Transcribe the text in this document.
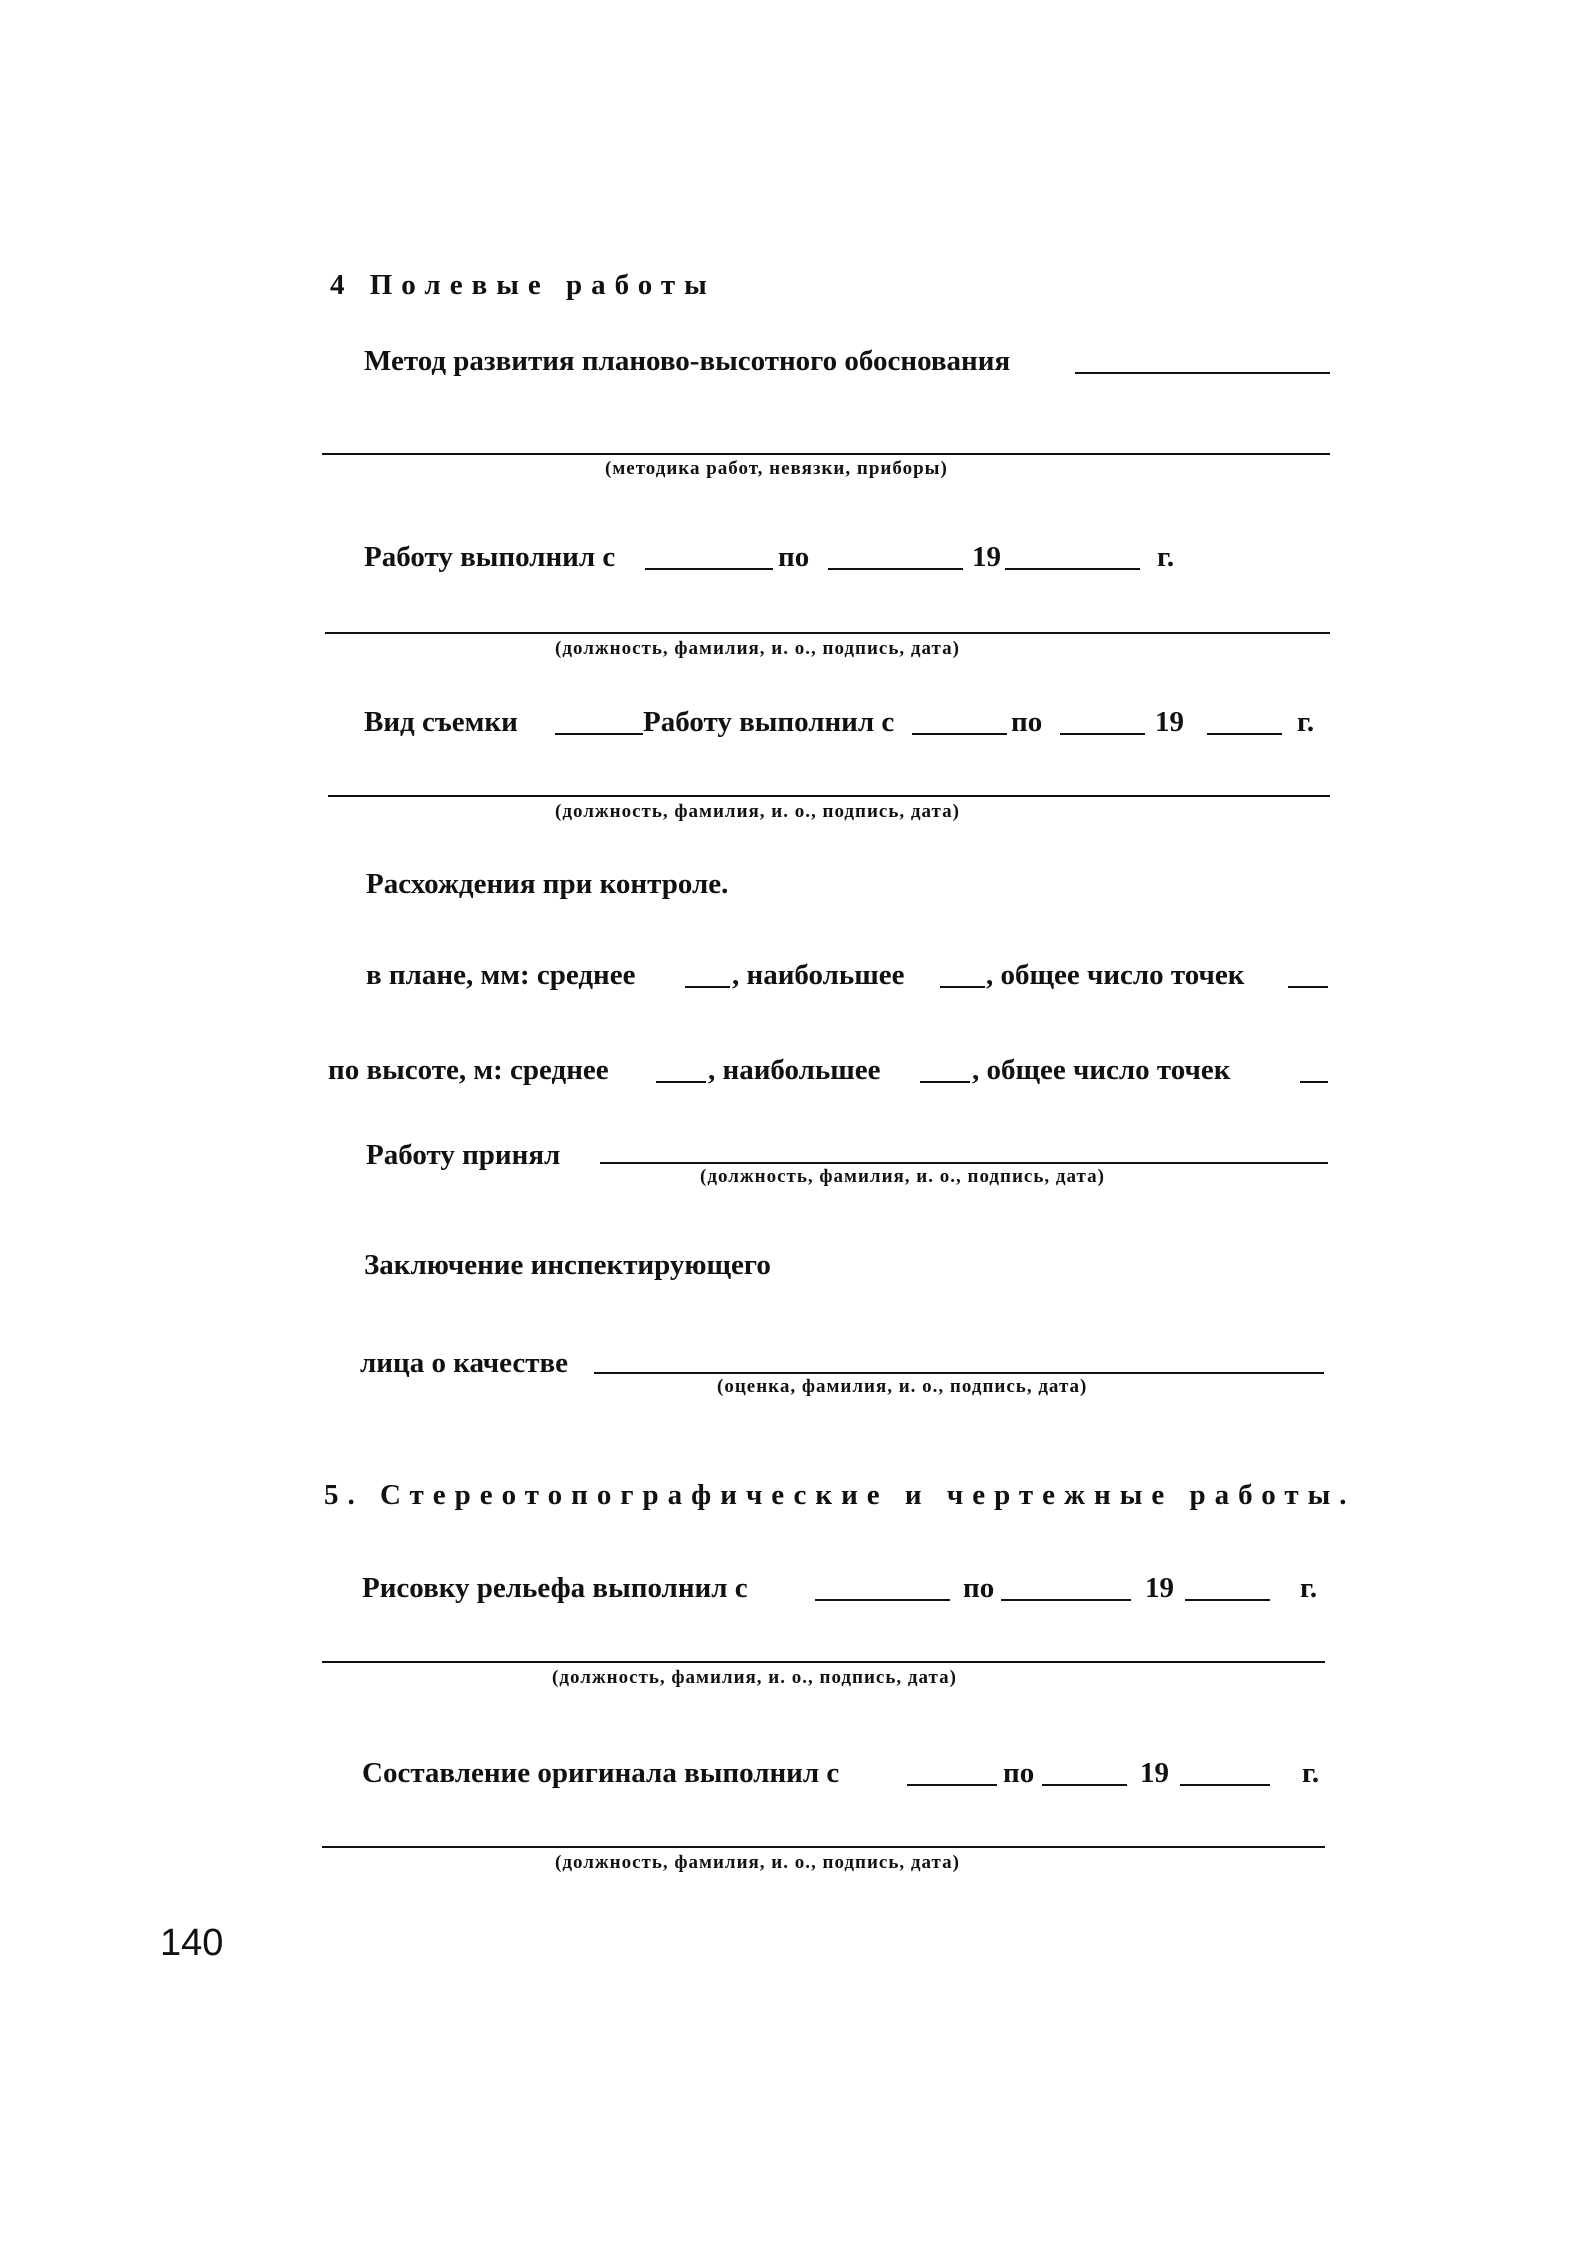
4 Полевые работы
Метод развития планово-высотного обоснования
(методика работ, невязки, приборы)
Работу выполнил с	по	19	г.
(должность, фамилия, и. о., подпись, дата)
Вид съемки	Работу выполнил с	по	19	г.
(должность, фамилия, и. о., подпись, дата)
Расхождения при контроле.
в плане, мм: среднее	, наибольшее	, общее число точек
по высоте, м: среднее	, наибольшее	, общее число точек
Работу принял
(должность, фамилия, и. о., подпись, дата)
Заключение инспектирующего
лица о качестве
(оценка, фамилия, и. о., подпись, дата)
5. Стереотопографические и чертежные работы.
Рисовку рельефа выполнил с	по	19	г.
(должность, фамилия, и. о., подпись, дата)
Составление оригинала выполнил с	по	19	г.
(должность, фамилия, и. о., подпись, дата)
140
